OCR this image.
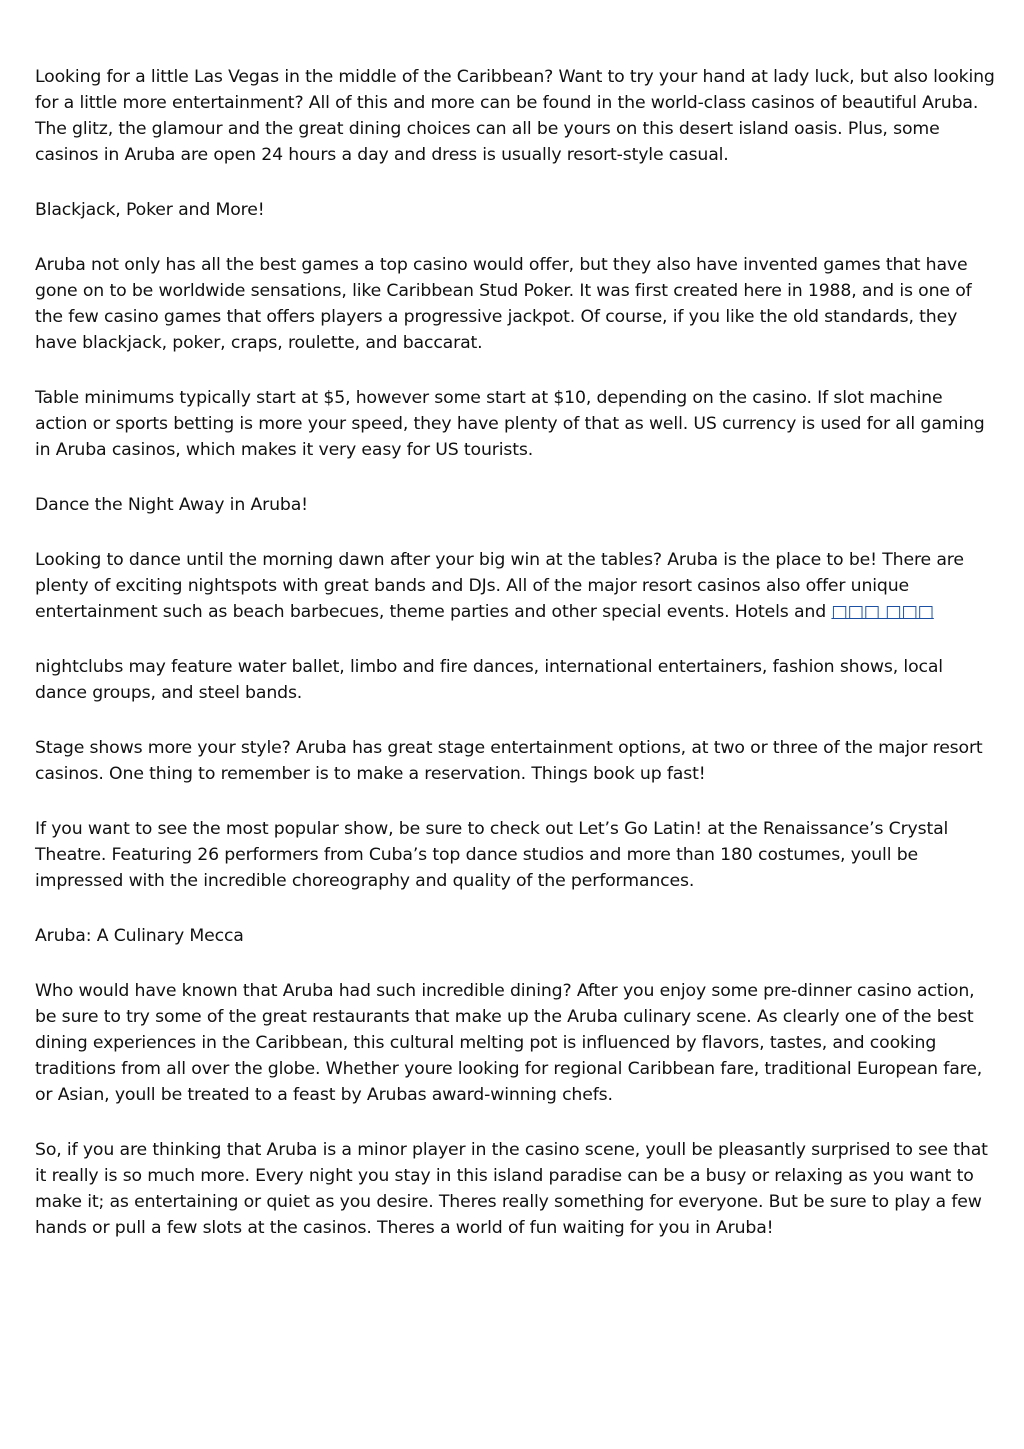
Looking for a little Las Vegas in the middle of the Caribbean? Want to try your hand at lady luck, but also looking for a little more entertainment? All of this and more can be found in the world-class casinos of beautiful Aruba. The glitz, the glamour and the great dining choices can all be yours on this desert island oasis. Plus, some casinos in Aruba are open 24 hours a day and dress is usually resort-style casual.

Blackjack, Poker and More!

Aruba not only has all the best games a top casino would offer, but they also have invented games that have gone on to be worldwide sensations, like Caribbean Stud Poker. It was first created here in 1988, and is one of the few casino games that offers players a progressive jackpot. Of course, if you like the old standards, they have blackjack, poker, craps, roulette, and baccarat.

Table minimums typically start at $5, however some start at $10, depending on the casino. If slot machine action or sports betting is more your speed, they have plenty of that as well. US currency is used for all gaming in Aruba casinos, which makes it very easy for US tourists.

Dance the Night Away in Aruba!

Looking to dance until the morning dawn after your big win at the tables? Aruba is the place to be! There are plenty of exciting nightspots with great bands and DJs. All of the major resort casinos also offer unique entertainment such as beach barbecues, theme parties and other special events. Hotels and □□□ □□□

nightclubs may feature water ballet, limbo and fire dances, international entertainers, fashion shows, local dance groups, and steel bands.

Stage shows more your style? Aruba has great stage entertainment options, at two or three of the major resort casinos. One thing to remember is to make a reservation. Things book up fast!

If you want to see the most popular show, be sure to check out Let’s Go Latin! at the Renaissance’s Crystal Theatre. Featuring 26 performers from Cuba’s top dance studios and more than 180 costumes, youll be impressed with the incredible choreography and quality of the performances.

Aruba: A Culinary Mecca

Who would have known that Aruba had such incredible dining? After you enjoy some pre-dinner casino action, be sure to try some of the great restaurants that make up the Aruba culinary scene. As clearly one of the best dining experiences in the Caribbean, this cultural melting pot is influenced by flavors, tastes, and cooking traditions from all over the globe. Whether youre looking for regional Caribbean fare, traditional European fare, or Asian, youll be treated to a feast by Arubas award-winning chefs.

So, if you are thinking that Aruba is a minor player in the casino scene, youll be pleasantly surprised to see that it really is so much more. Every night you stay in this island paradise can be a busy or relaxing as you want to make it; as entertaining or quiet as you desire. Theres really something for everyone. But be sure to play a few hands or pull a few slots at the casinos. Theres a world of fun waiting for you in Aruba!
